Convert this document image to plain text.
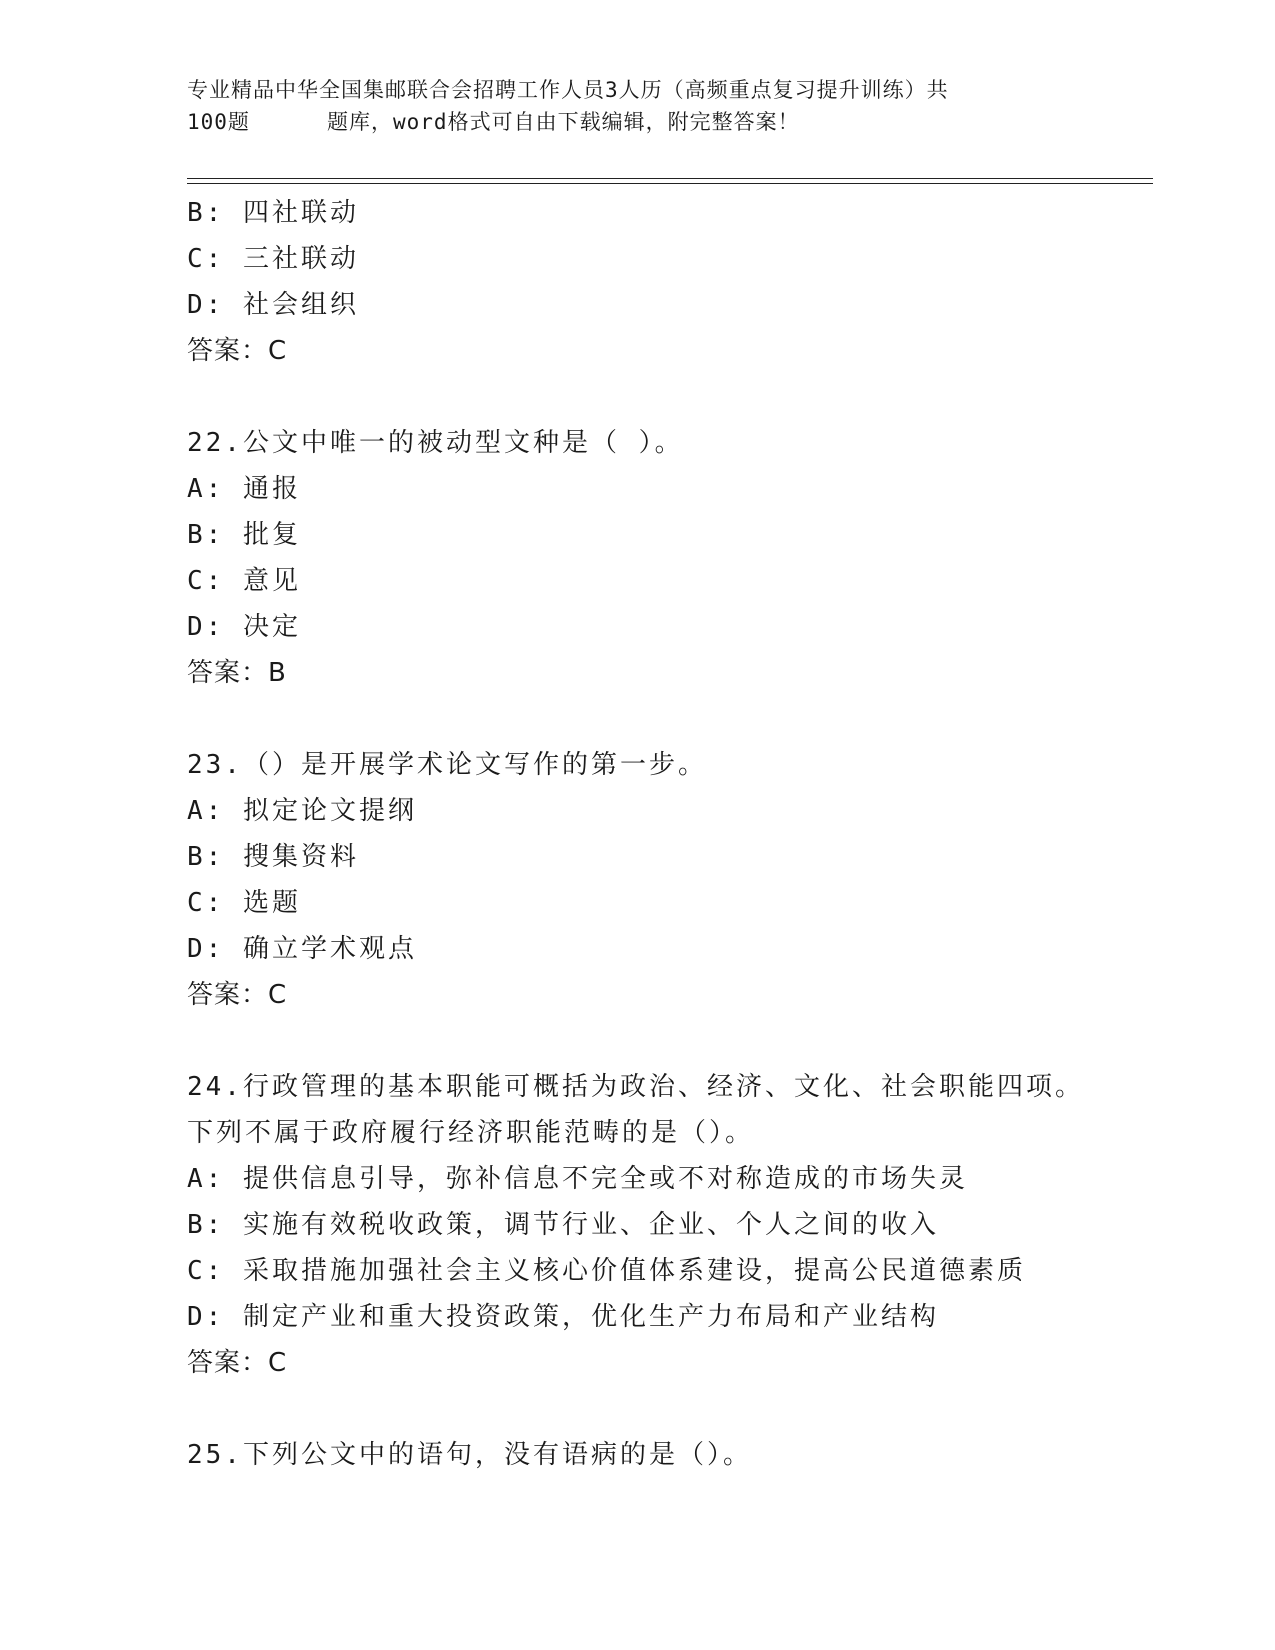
专业精品中华全国集邮联合会招聘工作人员3人历（高频重点复习提升训练）共
100题	题库，word格式可自由下载编辑，附完整答案！
B: 四社联动
C: 三社联动
D: 社会组织
答案：C
22.公文中唯一的被动型文种是（ ）。
A: 通报
B: 批复
C: 意见
D: 决定
答案：B
23.（）是开展学术论文写作的第一步。
A: 拟定论文提纲
B: 搜集资料
C: 选题
D: 确立学术观点
答案：C
24.行政管理的基本职能可概括为政治、经济、文化、社会职能四项。
下列不属于政府履行经济职能范畴的是（）。
A: 提供信息引导，弥补信息不完全或不对称造成的市场失灵
B: 实施有效税收政策，调节行业、企业、个人之间的收入
C: 采取措施加强社会主义核心价值体系建设，提高公民道德素质
D: 制定产业和重大投资政策，优化生产力布局和产业结构
答案：C
25.下列公文中的语句，没有语病的是（）。
